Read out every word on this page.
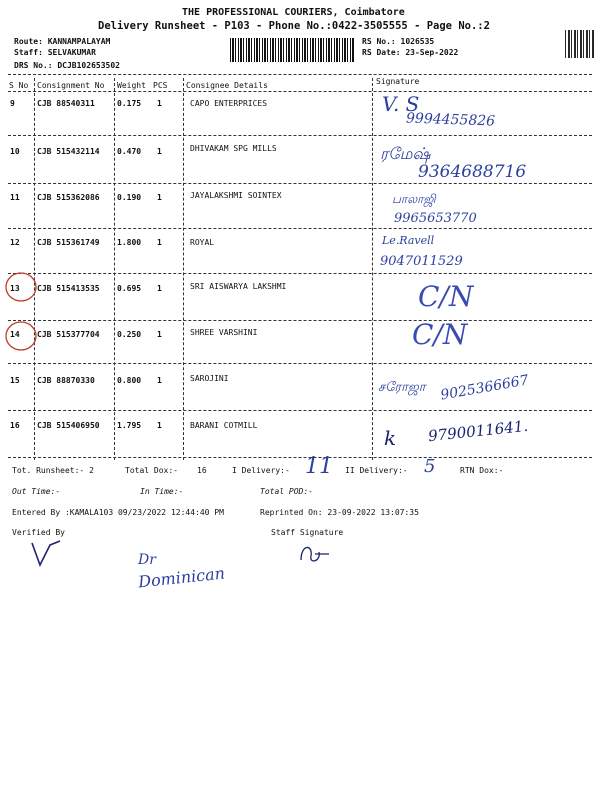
THE PROFESSIONAL COURIERS, Coimbatore
Delivery Runsheet - P103 - Phone No.:0422-3505555 - Page No.:2
Route: KANNAMPALAYAM
Staff: SELVAKUMAR
DRS No.: DCJB102653502
RS No.: 1026535
RS Date: 23-Sep-2022
S No Consignment No Weight PCS Consignee Details	Signature
9	CJB 88540311	0.175 1	CAPO ENTERPRICES	V. S
9994455826
10 CJB 515432114 0.470 1	DHIVAKAM SPG MILLS	ரமேஷ்
9364688716
11 CJB 515362086 0.190 1	JAYALAKSHMI SOINTEX	பாலாஜி
9965653770
12 CJB 515361749 1.800 1	ROYAL	Le.Ravell
9047011529
13 CJB 515413535 0.695 1	SRI AISWARYA LAKSHMI	C/N
14 CJB 515377704 0.250 1	SHREE VARSHINI	C/N
15 CJB 88870330	0.800 1	SAROJINI
சரோஜா 9025366667
16 CJB 515406950 1.795 1	BARANI COTMILL
k 9790011641.
Tot. Runsheet:- 2	Total Dox:- 16	I Delivery:- 11 II Delivery:- 5	RTN Dox:-
Out Time:-	In Time:-	Total POD:-
Entered By :KAMALA103 09/23/2022 12:44:40 PM	Reprinted On: 23-09-2022 13:07:35
Verified By	Staff Signature
Dr
Dominican
